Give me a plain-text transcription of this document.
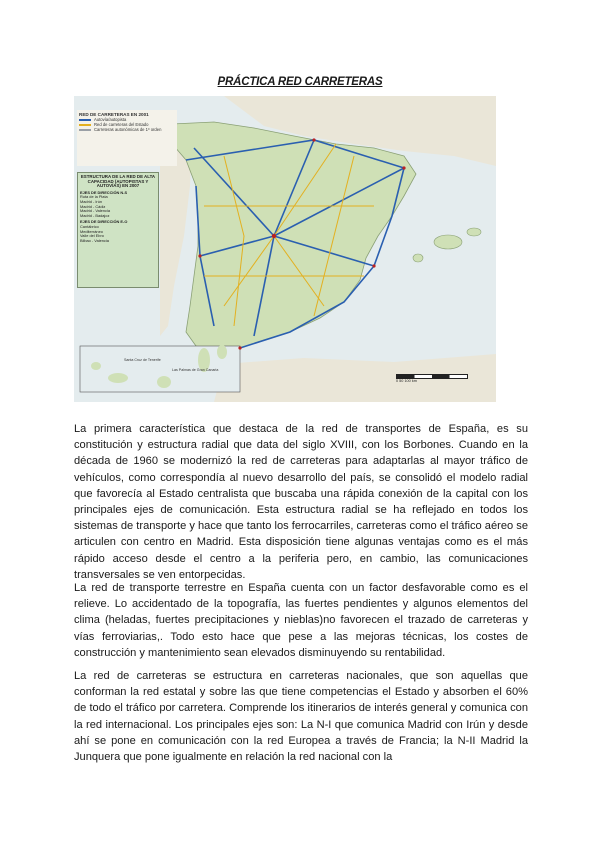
PRÁCTICA RED CARRETERAS
RED DE CARRETERAS EN 2001
Autovía/autopista
Red de carreteras del Estado
Carreteras autonómicas de 1º orden
ESTRUCTURA DE LA RED DE ALTA CAPACIDAD (AUTOPISTAS Y AUTOVÍAS) EN 2007
EJES DE DIRECCIÓN N-S
Ruta de la Plata
Madrid - Irún
Madrid - Cádiz
Madrid - Valencia
Madrid - Badajoz
EJES DE DIRECCIÓN E-O
Cantábrico
Mediterráneo
Valle del Ebro
Bilbao - Valencia
Santa Cruz de Tenerife
Las Palmas de Gran Canaria
0 50 100 km
La primera característica que destaca de la red de transportes de España, es su constitución y estructura radial que data del siglo XVIII, con los Borbones. Cuando en la década de 1960 se modernizó la red de carreteras para adaptarlas al mayor tráfico de vehículos, como correspondía al nuevo desarrollo del país, se consolidó el modelo radial que favorecía al Estado centralista que buscaba una rápida conexión de la capital con los principales ejes de comunicación. Esta estructura radial se ha reflejado en todos los sistemas de transporte y hace que tanto los ferrocarriles, carreteras como el tráfico aéreo se articulen con centro en Madrid. Esta disposición tiene algunas ventajas como es el más rápido acceso desde el centro a la periferia pero, en cambio, las comunicaciones transversales se ven entorpecidas.
La red de transporte terrestre en España cuenta con un factor desfavorable como es el relieve. Lo accidentado de la topografía, las fuertes pendientes y algunos elementos del clima (heladas, fuertes precipitaciones y nieblas)no favorecen el trazado de carreteras y vías ferroviarias,. Todo esto hace que pese a las mejoras técnicas, los costes de construcción y mantenimiento sean elevados disminuyendo su rentabilidad.
La red de carreteras se estructura en carreteras nacionales, que son aquellas que conforman la red estatal y sobre las que tiene competencias el Estado y absorben el 60% de todo el tráfico por carretera. Comprende los itinerarios de interés general y comunica con la red internacional. Los principales ejes son: La N-I que comunica Madrid con Irún y desde ahí se pone en comunicación con la red Europea a través de Francia; la N-II Madrid la Junquera que pone igualmente en relación la red nacional con la
